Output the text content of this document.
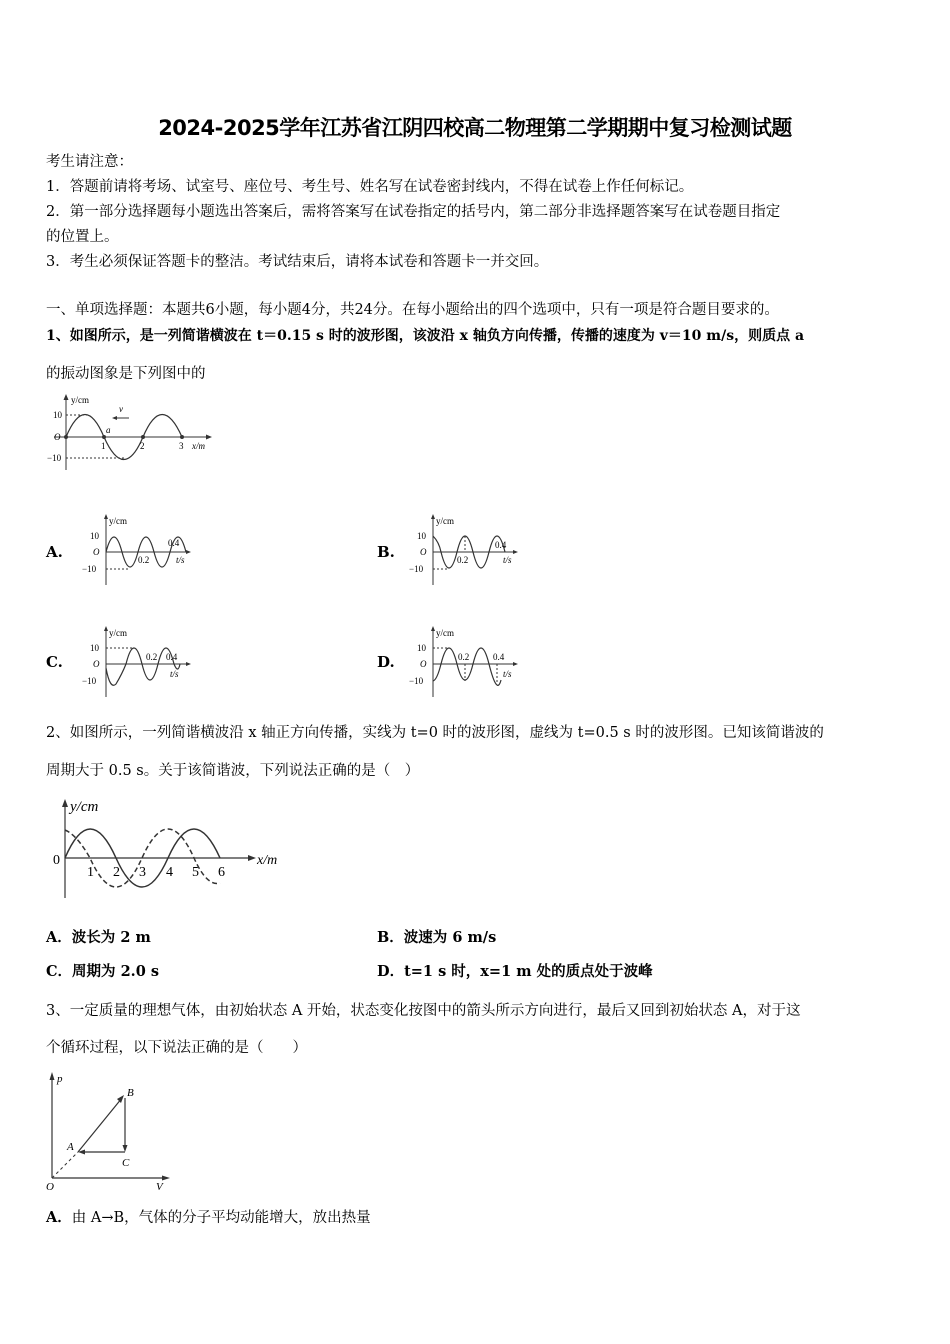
2024-2025学年江苏省江阴四校高二物理第二学期期中复习检测试题
考生请注意：
1．答题前请将考场、试室号、座位号、考生号、姓名写在试卷密封线内，不得在试卷上作任何标记。
2．第一部分选择题每小题选出答案后，需将答案写在试卷指定的括号内，第二部分非选择题答案写在试卷题目指定
的位置上。
3．考生必须保证答题卡的整洁。考试结束后，请将本试卷和答题卡一并交回。
一、单项选择题：本题共6小题，每小题4分，共24分。在每小题给出的四个选项中，只有一项是符合题目要求的。
1、如图所示，是一列简谐横波在 t＝0.15 s 时的波形图，该波沿 x 轴负方向传播，传播的速度为 v＝10 m/s，则质点 a
的振动图象是下列图中的
y/cm
10
O
−10
1	2	3
a
x/m
v
A.
y/cm
10
O
−10
0.2
0.4
t/s	B.
y/cm
10
O
−10
0.2
0.4
t/s
C.
y/cm
10
O
−10
0.2 0.4
t/s
D.
y/cm
10
O
−10
0.2	0.4
t/s
2、如图所示，一列简谐横波沿 x 轴正方向传播，实线为 t=0 时的波形图，虚线为 t=0.5 s 时的波形图。已知该简谐波的
周期大于 0.5 s。关于该简谐波，下列说法正确的是（　）
y/cm
0
1 2 3 4 5 6
x/m
A．波长为 2 m	B．波速为 6 m/s
C．周期为 2.0 s	D．t=1 s 时，x=1 m 处的质点处于波峰
3、一定质量的理想气体，由初始状态 A 开始，状态变化按图中的箭头所示方向进行，最后又回到初始状态 A，对于这
个循环过程，以下说法正确的是（　　）
p
O	V
A
B
C
A．由 A→B，气体的分子平均动能增大，放出热量
